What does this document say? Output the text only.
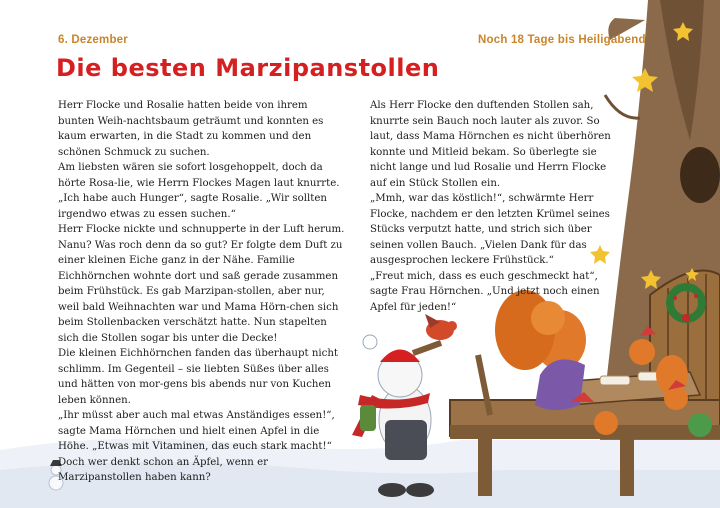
6. Dezember	Noch 18 Tage bis Heiligabend
Die besten Marzipanstollen

Herr Flocke und Rosalie hatten beide von ihrem bunten Weih-nachtsbaum geträumt und konnten es kaum erwarten, in die Stadt zu kommen und den schönen Schmuck zu suchen.

Am liebsten wären sie sofort losgehoppelt, doch da hörte Rosa-lie, wie Herrn Flockes Magen laut knurrte. „Ich habe auch Hunger“, sagte Rosalie. „Wir sollten irgendwo etwas zu essen suchen.“

Herr Flocke nickte und schnupperte in der Luft herum. Nanu? Was roch denn da so gut? Er folgte dem Duft zu einer kleinen Eiche ganz in der Nähe. Familie Eichhörnchen wohnte dort und saß gerade zusammen beim Frühstück. Es gab Marzipan-stollen, aber nur, weil bald Weihnachten war und Mama Hörn-chen sich beim Stollenbacken verschätzt hatte. Nun stapelten sich die Stollen sogar bis unter die Decke!

Die kleinen Eichhörnchen fanden das überhaupt nicht schlimm. Im Gegenteil – sie liebten Süßes über alles und hätten von mor-gens bis abends nur von Kuchen leben können.

„Ihr müsst aber auch mal etwas Anständiges essen!“, sagte Mama Hörnchen und hielt einen Apfel in die Höhe. „Etwas mit Vitaminen, das euch stark macht!“

Doch wer denkt schon an Äpfel, wenn er Marzipanstollen haben kann?

Als Herr Flocke den duftenden Stollen sah, knurrte sein Bauch noch lauter als zuvor. So laut, dass Mama Hörnchen es nicht überhören konnte und Mitleid bekam. So überlegte sie nicht lange und lud Rosalie und Herrn Flocke auf ein Stück Stollen ein.

„Mmh, war das köstlich!“, schwärmte Herr Flocke, nachdem er den letzten Krümel seines Stücks verputzt hatte, und strich sich über seinen vollen Bauch. „Vielen Dank für das ausgesprochen leckere Frühstück.“

„Freut mich, dass es euch geschmeckt hat“, sagte Frau Hörnchen. „Und jetzt noch einen Apfel für jeden!“
